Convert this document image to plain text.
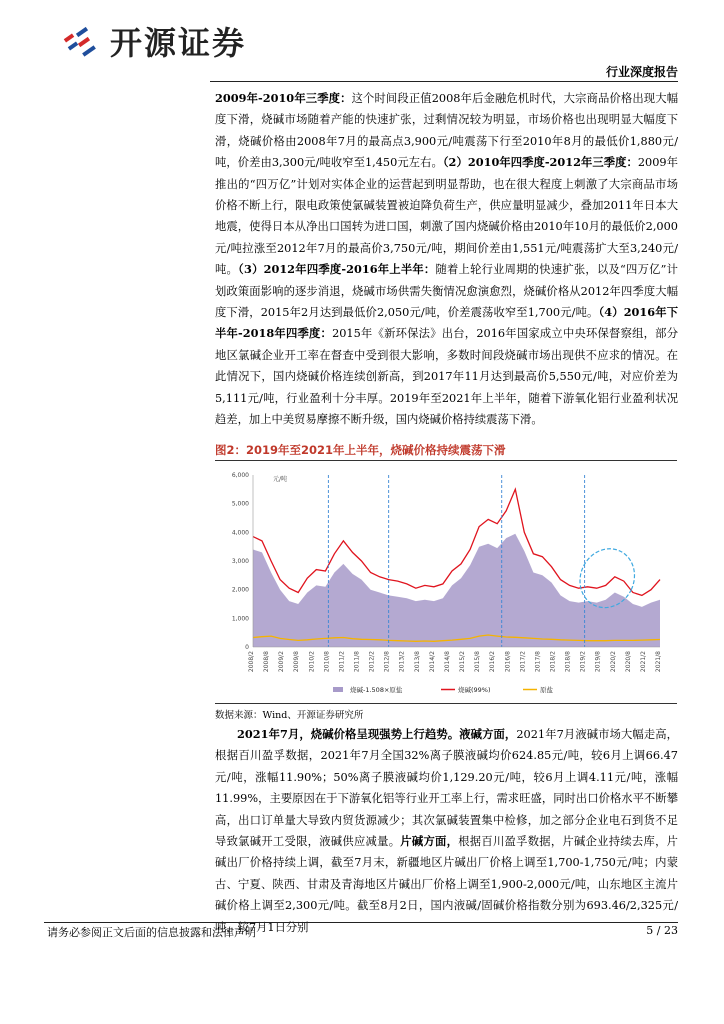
开源证券
行业深度报告

2009年-2010年三季度：这个时间段正值2008年后金融危机时代，大宗商品价格出现大幅度下滑，烧碱市场随着产能的快速扩张，过剩情况较为明显，市场价格也出现明显大幅度下滑，烧碱价格由2008年7月的最高点3,900元/吨震荡下行至2010年8月的最低价1,880元/吨，价差由3,300元/吨收窄至1,450元左右。（2）2010年四季度-2012年三季度：2009年推出的“四万亿”计划对实体企业的运营起到明显帮助，也在很大程度上刺激了大宗商品市场价格不断上行，限电政策使氯碱装置被迫降负荷生产，供应量明显减少，叠加2011年日本大地震，使得日本从净出口国转为进口国，刺激了国内烧碱价格由2010年10月的最低价2,000元/吨拉涨至2012年7月的最高价3,750元/吨，期间价差由1,551元/吨震荡扩大至3,240元/吨。（3）2012年四季度-2016年上半年：随着上轮行业周期的快速扩张，以及“四万亿”计划政策面影响的逐步消退，烧碱市场供需失衡情况愈演愈烈，烧碱价格从2012年四季度大幅度下滑，2015年2月达到最低价2,050元/吨，价差震荡收窄至1,700元/吨。（4）2016年下半年-2018年四季度：2015年《新环保法》出台，2016年国家成立中央环保督察组，部分地区氯碱企业开工率在督查中受到很大影响，多数时间段烧碱市场出现供不应求的情况。在此情况下，国内烧碱价格连续创新高，到2017年11月达到最高价5,550元/吨，对应价差为5,111元/吨，行业盈利十分丰厚。2019年至2021年上半年，随着下游氧化铝行业盈利状况趋差，加上中美贸易摩擦不断升级，国内烧碱价格持续震荡下滑。

图2：2019年至2021年上半年，烧碱价格持续震荡下滑
6,000
5,000
4,000
3,000
2,000
1,000
0
元/吨
2008/2 2008/8 2009/2 2009/8 2010/2 2010/8 2011/2 2011/8 2012/2 2012/8 2013/2 2013/8 2014/2 2014/8 2015/2 2015/8 2016/2 2016/8 2017/2 2017/8 2018/2 2018/8 2019/2 2019/8 2020/2 2020/8 2021/2 2021/8
烧碱-1.508×原盐	烧碱(99%)	原盐
数据来源：Wind、开源证券研究所

2021年7月，烧碱价格呈现强势上行趋势。液碱方面，2021年7月液碱市场大幅走高，根据百川盈孚数据，2021年7月全国32%离子膜液碱均价624.85元/吨，较6月上调66.47元/吨，涨幅11.90%；50%离子膜液碱均价1,129.20元/吨，较6月上调4.11元/吨，涨幅11.99%，主要原因在于下游氧化铝等行业开工率上行，需求旺盛，同时出口价格水平不断攀高，出口订单量大导致内贸货源减少；其次氯碱装置集中检修，加之部分企业电石到货不足导致氯碱开工受限，液碱供应减量。片碱方面，根据百川盈孚数据，片碱企业持续去库，片碱出厂价格持续上调，截至7月末，新疆地区片碱出厂价格上调至1,700-1,750元/吨；内蒙古、宁夏、陕西、甘肃及青海地区片碱出厂价格上调至1,900-2,000元/吨，山东地区主流片碱价格上调至2,300元/吨。截至8月2日，国内液碱/固碱价格指数分别为693.46/2,325元/吨，较7月1日分别

请务必参阅正文后面的信息披露和法律声明	5 / 23
